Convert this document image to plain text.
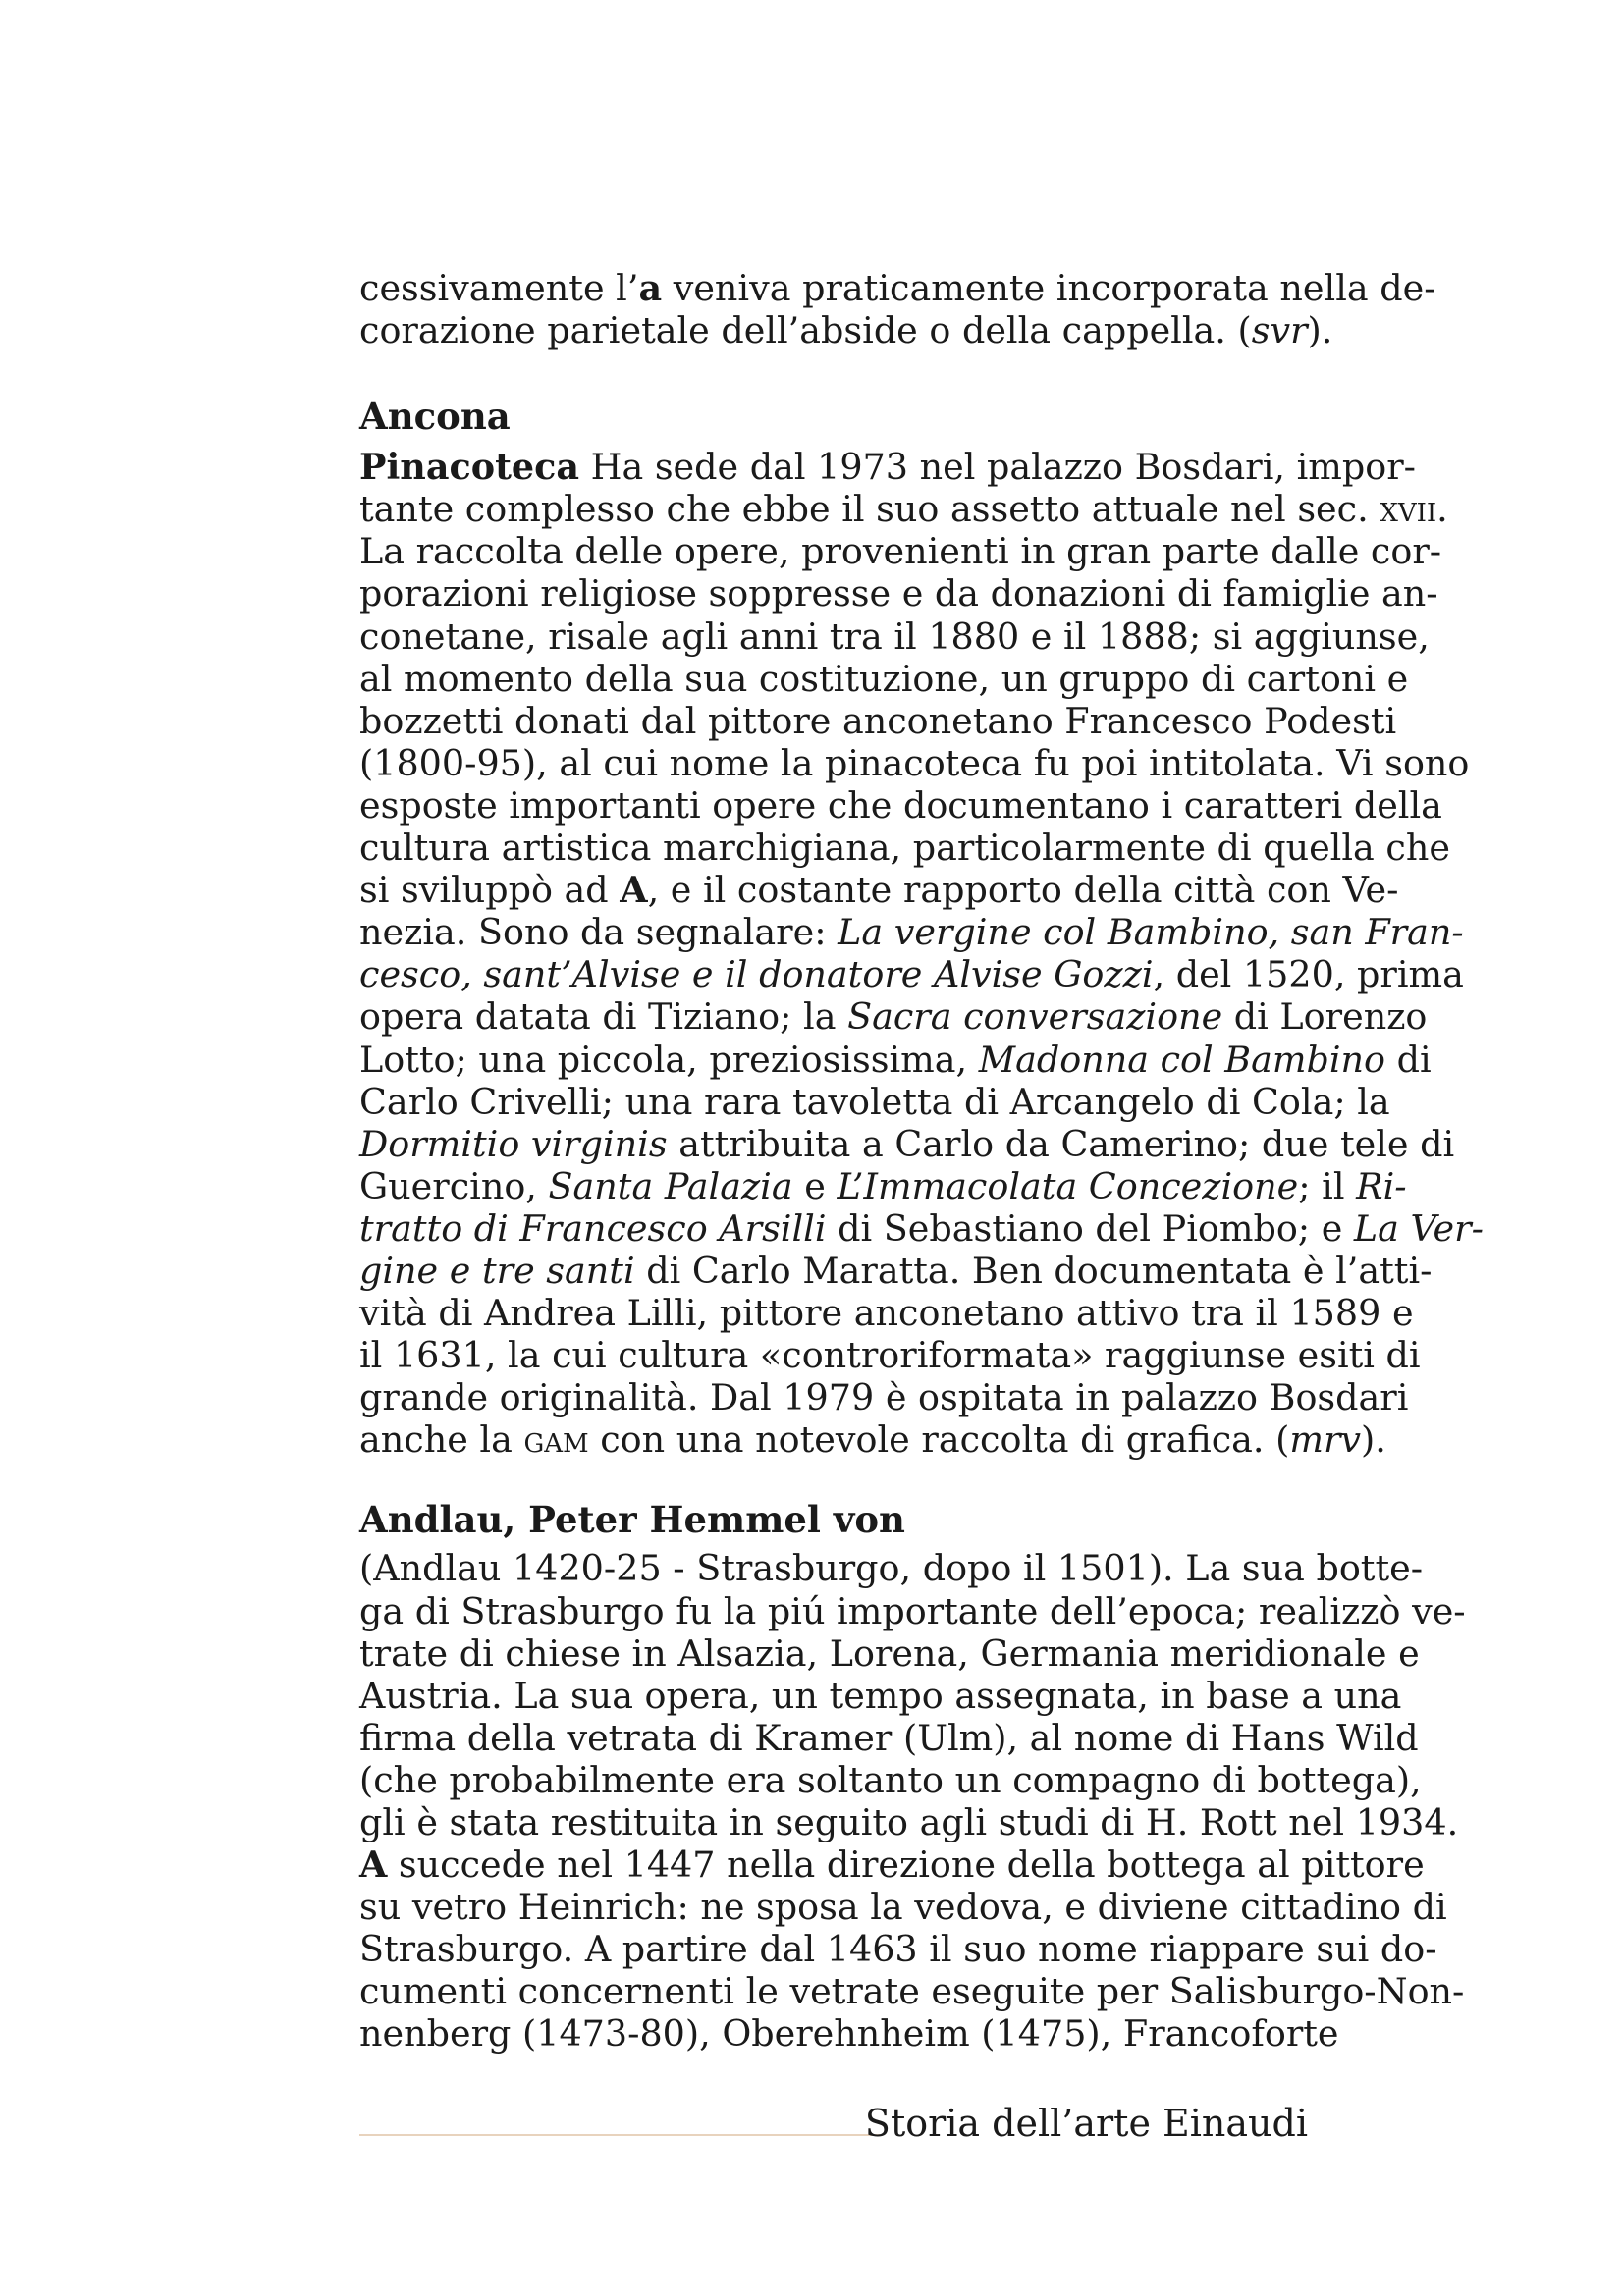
cessivamente l’a veniva praticamente incorporata nella de-
corazione parietale dell’abside o della cappella. (svr).
Ancona
Pinacoteca Ha sede dal 1973 nel palazzo Bosdari, impor-
tante complesso che ebbe il suo assetto attuale nel sec. xvii.
La raccolta delle opere, provenienti in gran parte dalle cor-
porazioni religiose soppresse e da donazioni di famiglie an-
conetane, risale agli anni tra il 1880 e il 1888; si aggiunse,
al momento della sua costituzione, un gruppo di cartoni e
bozzetti donati dal pittore anconetano Francesco Podesti
(1800-95), al cui nome la pinacoteca fu poi intitolata. Vi sono
esposte importanti opere che documentano i caratteri della
cultura artistica marchigiana, particolarmente di quella che
si sviluppò ad A, e il costante rapporto della città con Ve-
nezia. Sono da segnalare: La vergine col Bambino, san Fran-
cesco, sant’Alvise e il donatore Alvise Gozzi, del 1520, prima
opera datata di Tiziano; la Sacra conversazione di Lorenzo
Lotto; una piccola, preziosissima, Madonna col Bambino di
Carlo Crivelli; una rara tavoletta di Arcangelo di Cola; la
Dormitio virginis attribuita a Carlo da Camerino; due tele di
Guercino, Santa Palazia e L’Immacolata Concezione; il Ri-
tratto di Francesco Arsilli di Sebastiano del Piombo; e La Ver-
gine e tre santi di Carlo Maratta. Ben documentata è l’atti-
vità di Andrea Lilli, pittore anconetano attivo tra il 1589 e
il 1631, la cui cultura «controriformata» raggiunse esiti di
grande originalità. Dal 1979 è ospitata in palazzo Bosdari
anche la gam con una notevole raccolta di grafica. (mrv).
Andlau, Peter Hemmel von
(Andlau 1420-25 - Strasburgo, dopo il 1501). La sua botte-
ga di Strasburgo fu la piú importante dell’epoca; realizzò ve-
trate di chiese in Alsazia, Lorena, Germania meridionale e
Austria. La sua opera, un tempo assegnata, in base a una
firma della vetrata di Kramer (Ulm), al nome di Hans Wild
(che probabilmente era soltanto un compagno di bottega),
gli è stata restituita in seguito agli studi di H. Rott nel 1934.
A succede nel 1447 nella direzione della bottega al pittore
su vetro Heinrich: ne sposa la vedova, e diviene cittadino di
Strasburgo. A partire dal 1463 il suo nome riappare sui do-
cumenti concernenti le vetrate eseguite per Salisburgo-Non-
nenberg (1473-80), Oberehnheim (1475), Francoforte
Storia dell’arte Einaudi
